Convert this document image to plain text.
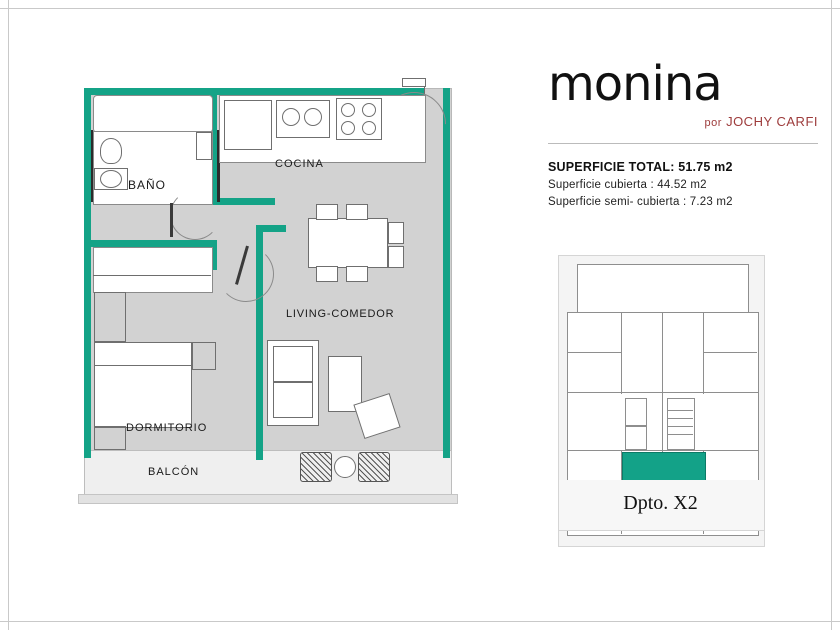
BAÑO
COCINA
LIVING-COMEDOR
DORMITORIO
BALCÓN
monina
por JOCHY CARFI
SUPERFICIE TOTAL: 51.75 m2
Superficie cubierta : 44.52 m2
Superficie semi- cubierta : 7.23 m2
Dpto. X2
